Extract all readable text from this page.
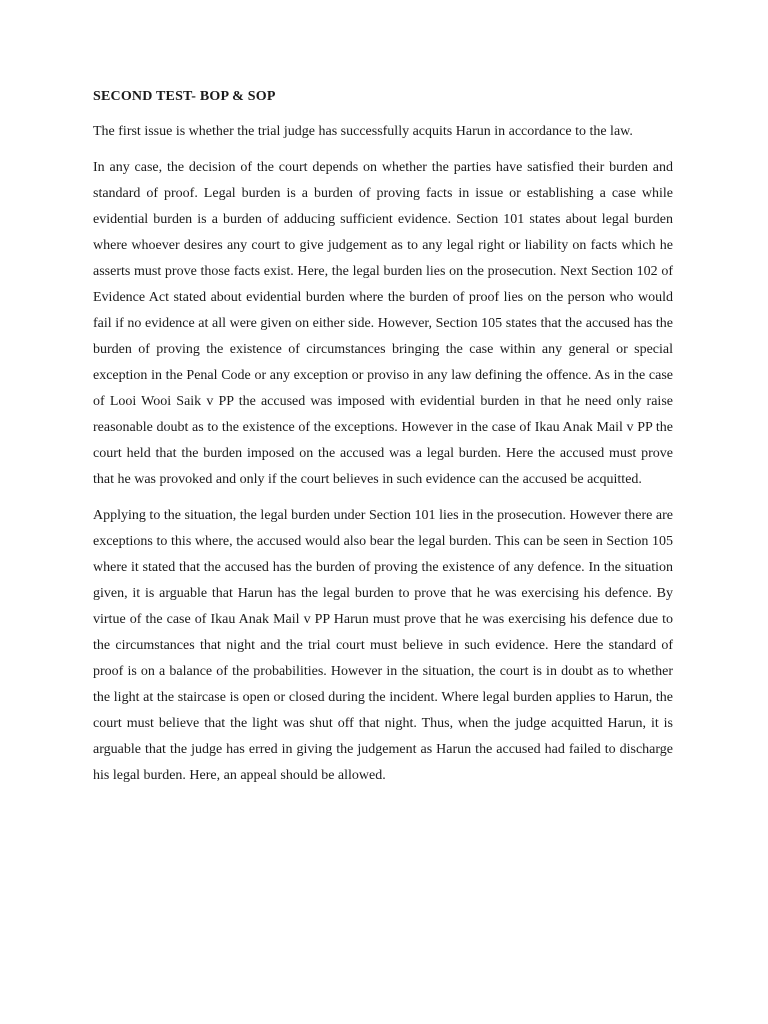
SECOND TEST- BOP & SOP

The first issue is whether the trial judge has successfully acquits Harun in accordance to the law.

In any case, the decision of the court depends on whether the parties have satisfied their burden and standard of proof. Legal burden is a burden of proving facts in issue or establishing a case while evidential burden is a burden of adducing sufficient evidence. Section 101 states about legal burden where whoever desires any court to give judgement as to any legal right or liability on facts which he asserts must prove those facts exist. Here, the legal burden lies on the prosecution. Next Section 102 of Evidence Act stated about evidential burden where the burden of proof lies on the person who would fail if no evidence at all were given on either side. However, Section 105 states that the accused has the burden of proving the existence of circumstances bringing the case within any general or special exception in the Penal Code or any exception or proviso in any law defining the offence. As in the case of Looi Wooi Saik v PP the accused was imposed with evidential burden in that he need only raise reasonable doubt as to the existence of the exceptions. However in the case of Ikau Anak Mail v PP the court held that the burden imposed on the accused was a legal burden. Here the accused must prove that he was provoked and only if the court believes in such evidence can the accused be acquitted.

Applying to the situation, the legal burden under Section 101 lies in the prosecution. However there are exceptions to this where, the accused would also bear the legal burden. This can be seen in Section 105 where it stated that the accused has the burden of proving the existence of any defence. In the situation given, it is arguable that Harun has the legal burden to prove that he was exercising his defence. By virtue of the case of Ikau Anak Mail v PP Harun must prove that he was exercising his defence due to the circumstances that night and the trial court must believe in such evidence. Here the standard of proof is on a balance of the probabilities. However in the situation, the court is in doubt as to whether the light at the staircase is open or closed during the incident. Where legal burden applies to Harun, the court must believe that the light was shut off that night. Thus, when the judge acquitted Harun, it is arguable that the judge has erred in giving the judgement as Harun the accused had failed to discharge his legal burden. Here, an appeal should be allowed.
